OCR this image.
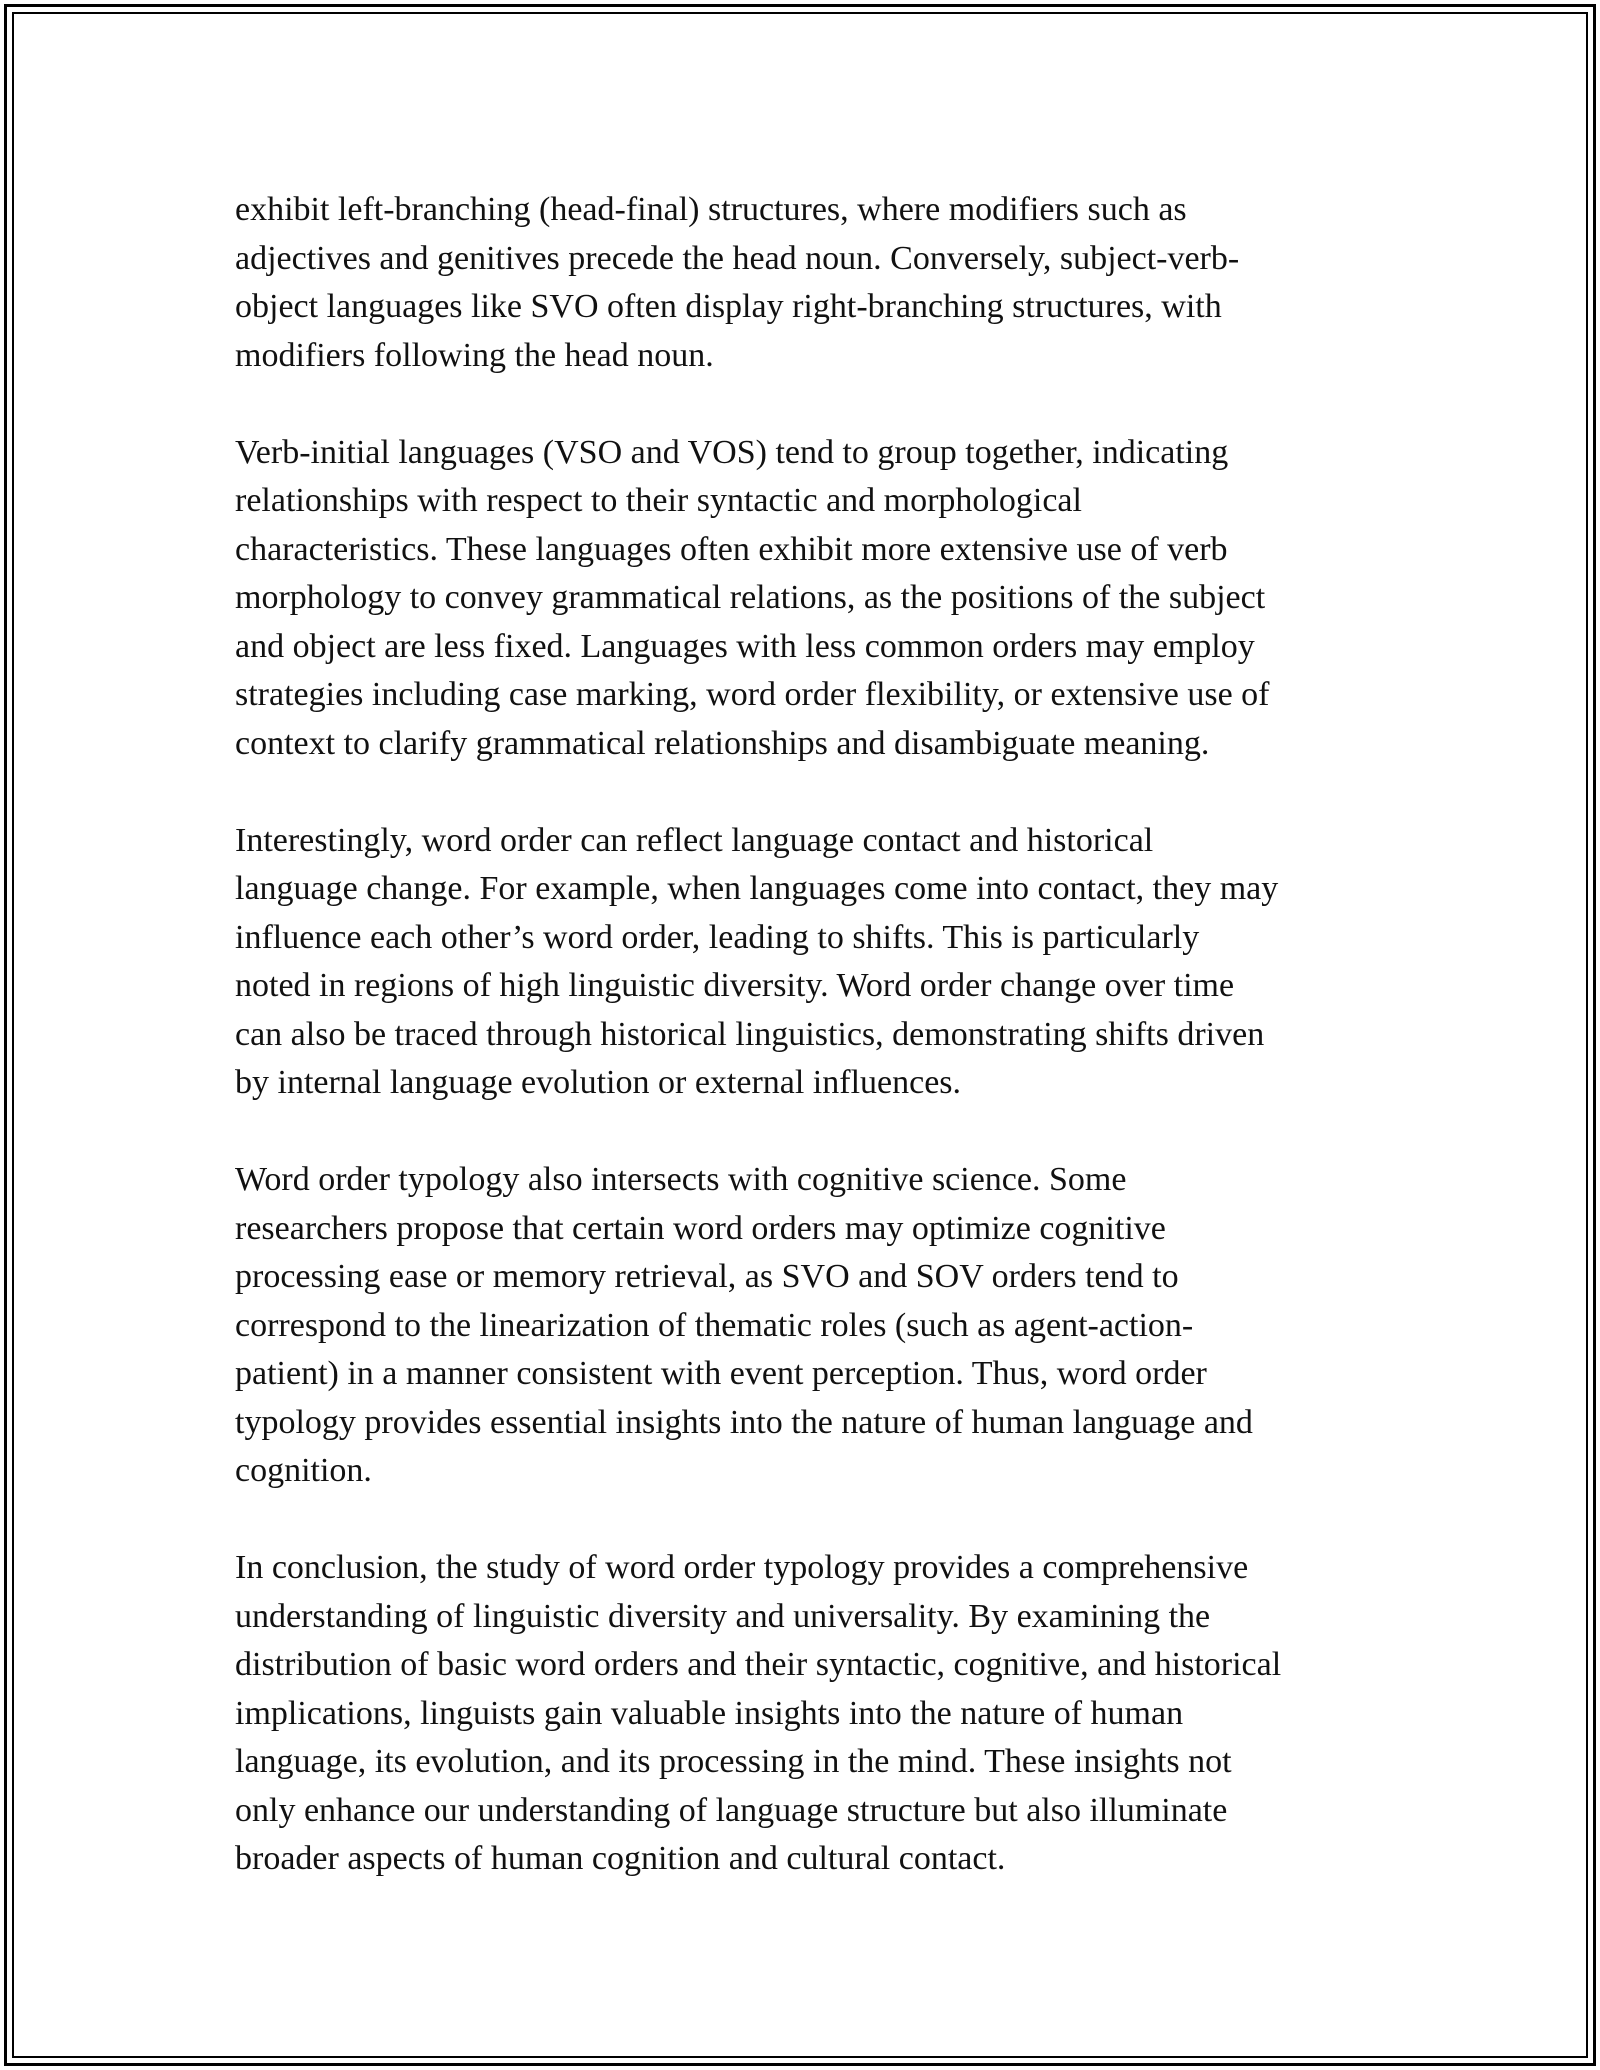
exhibit left-branching (head-final) structures, where modifiers such as
adjectives and genitives precede the head noun. Conversely, subject-verb-
object languages like SVO often display right-branching structures, with
modifiers following the head noun.

Verb-initial languages (VSO and VOS) tend to group together, indicating
relationships with respect to their syntactic and morphological
characteristics. These languages often exhibit more extensive use of verb
morphology to convey grammatical relations, as the positions of the subject
and object are less fixed. Languages with less common orders may employ
strategies including case marking, word order flexibility, or extensive use of
context to clarify grammatical relationships and disambiguate meaning.

Interestingly, word order can reflect language contact and historical
language change. For example, when languages come into contact, they may
influence each other’s word order, leading to shifts. This is particularly
noted in regions of high linguistic diversity. Word order change over time
can also be traced through historical linguistics, demonstrating shifts driven
by internal language evolution or external influences.

Word order typology also intersects with cognitive science. Some
researchers propose that certain word orders may optimize cognitive
processing ease or memory retrieval, as SVO and SOV orders tend to
correspond to the linearization of thematic roles (such as agent-action-
patient) in a manner consistent with event perception. Thus, word order
typology provides essential insights into the nature of human language and
cognition.

In conclusion, the study of word order typology provides a comprehensive
understanding of linguistic diversity and universality. By examining the
distribution of basic word orders and their syntactic, cognitive, and historical
implications, linguists gain valuable insights into the nature of human
language, its evolution, and its processing in the mind. These insights not
only enhance our understanding of language structure but also illuminate
broader aspects of human cognition and cultural contact.
